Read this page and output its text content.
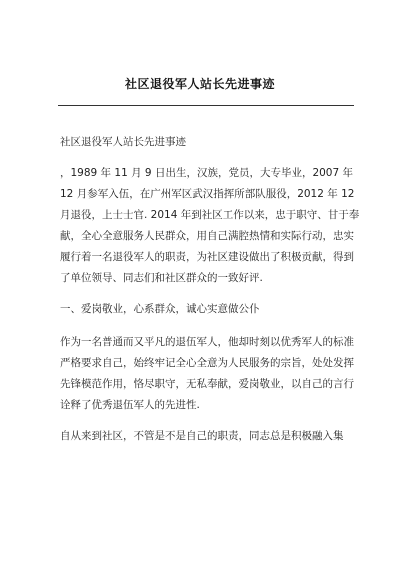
社区退役军人站长先进事迹

社区退役军人站长先进事迹

，1989 年 11 月 9 日出生，汉族，党员，大专毕业，2007 年 12 月参军入伍，在广州军区武汉指挥所部队服役，2012 年 12 月退役，上士士官. 2014 年到社区工作以来，忠于职守、甘于奉献，全心全意服务人民群众，用自己满腔热情和实际行动，忠实履行着一名退役军人的职责，为社区建设做出了积极贡献，得到了单位领导、同志们和社区群众的一致好评.

一、爱岗敬业，心系群众，诚心实意做公仆

作为一名普通而又平凡的退伍军人，他却时刻以优秀军人的标准严格要求自己，始终牢记全心全意为人民服务的宗旨，处处发挥先锋模范作用，恪尽职守，无私奉献，爱岗敬业，以自己的言行诠释了优秀退伍军人的先进性.

自从来到社区，不管是不是自己的职责，同志总是积极融入集
